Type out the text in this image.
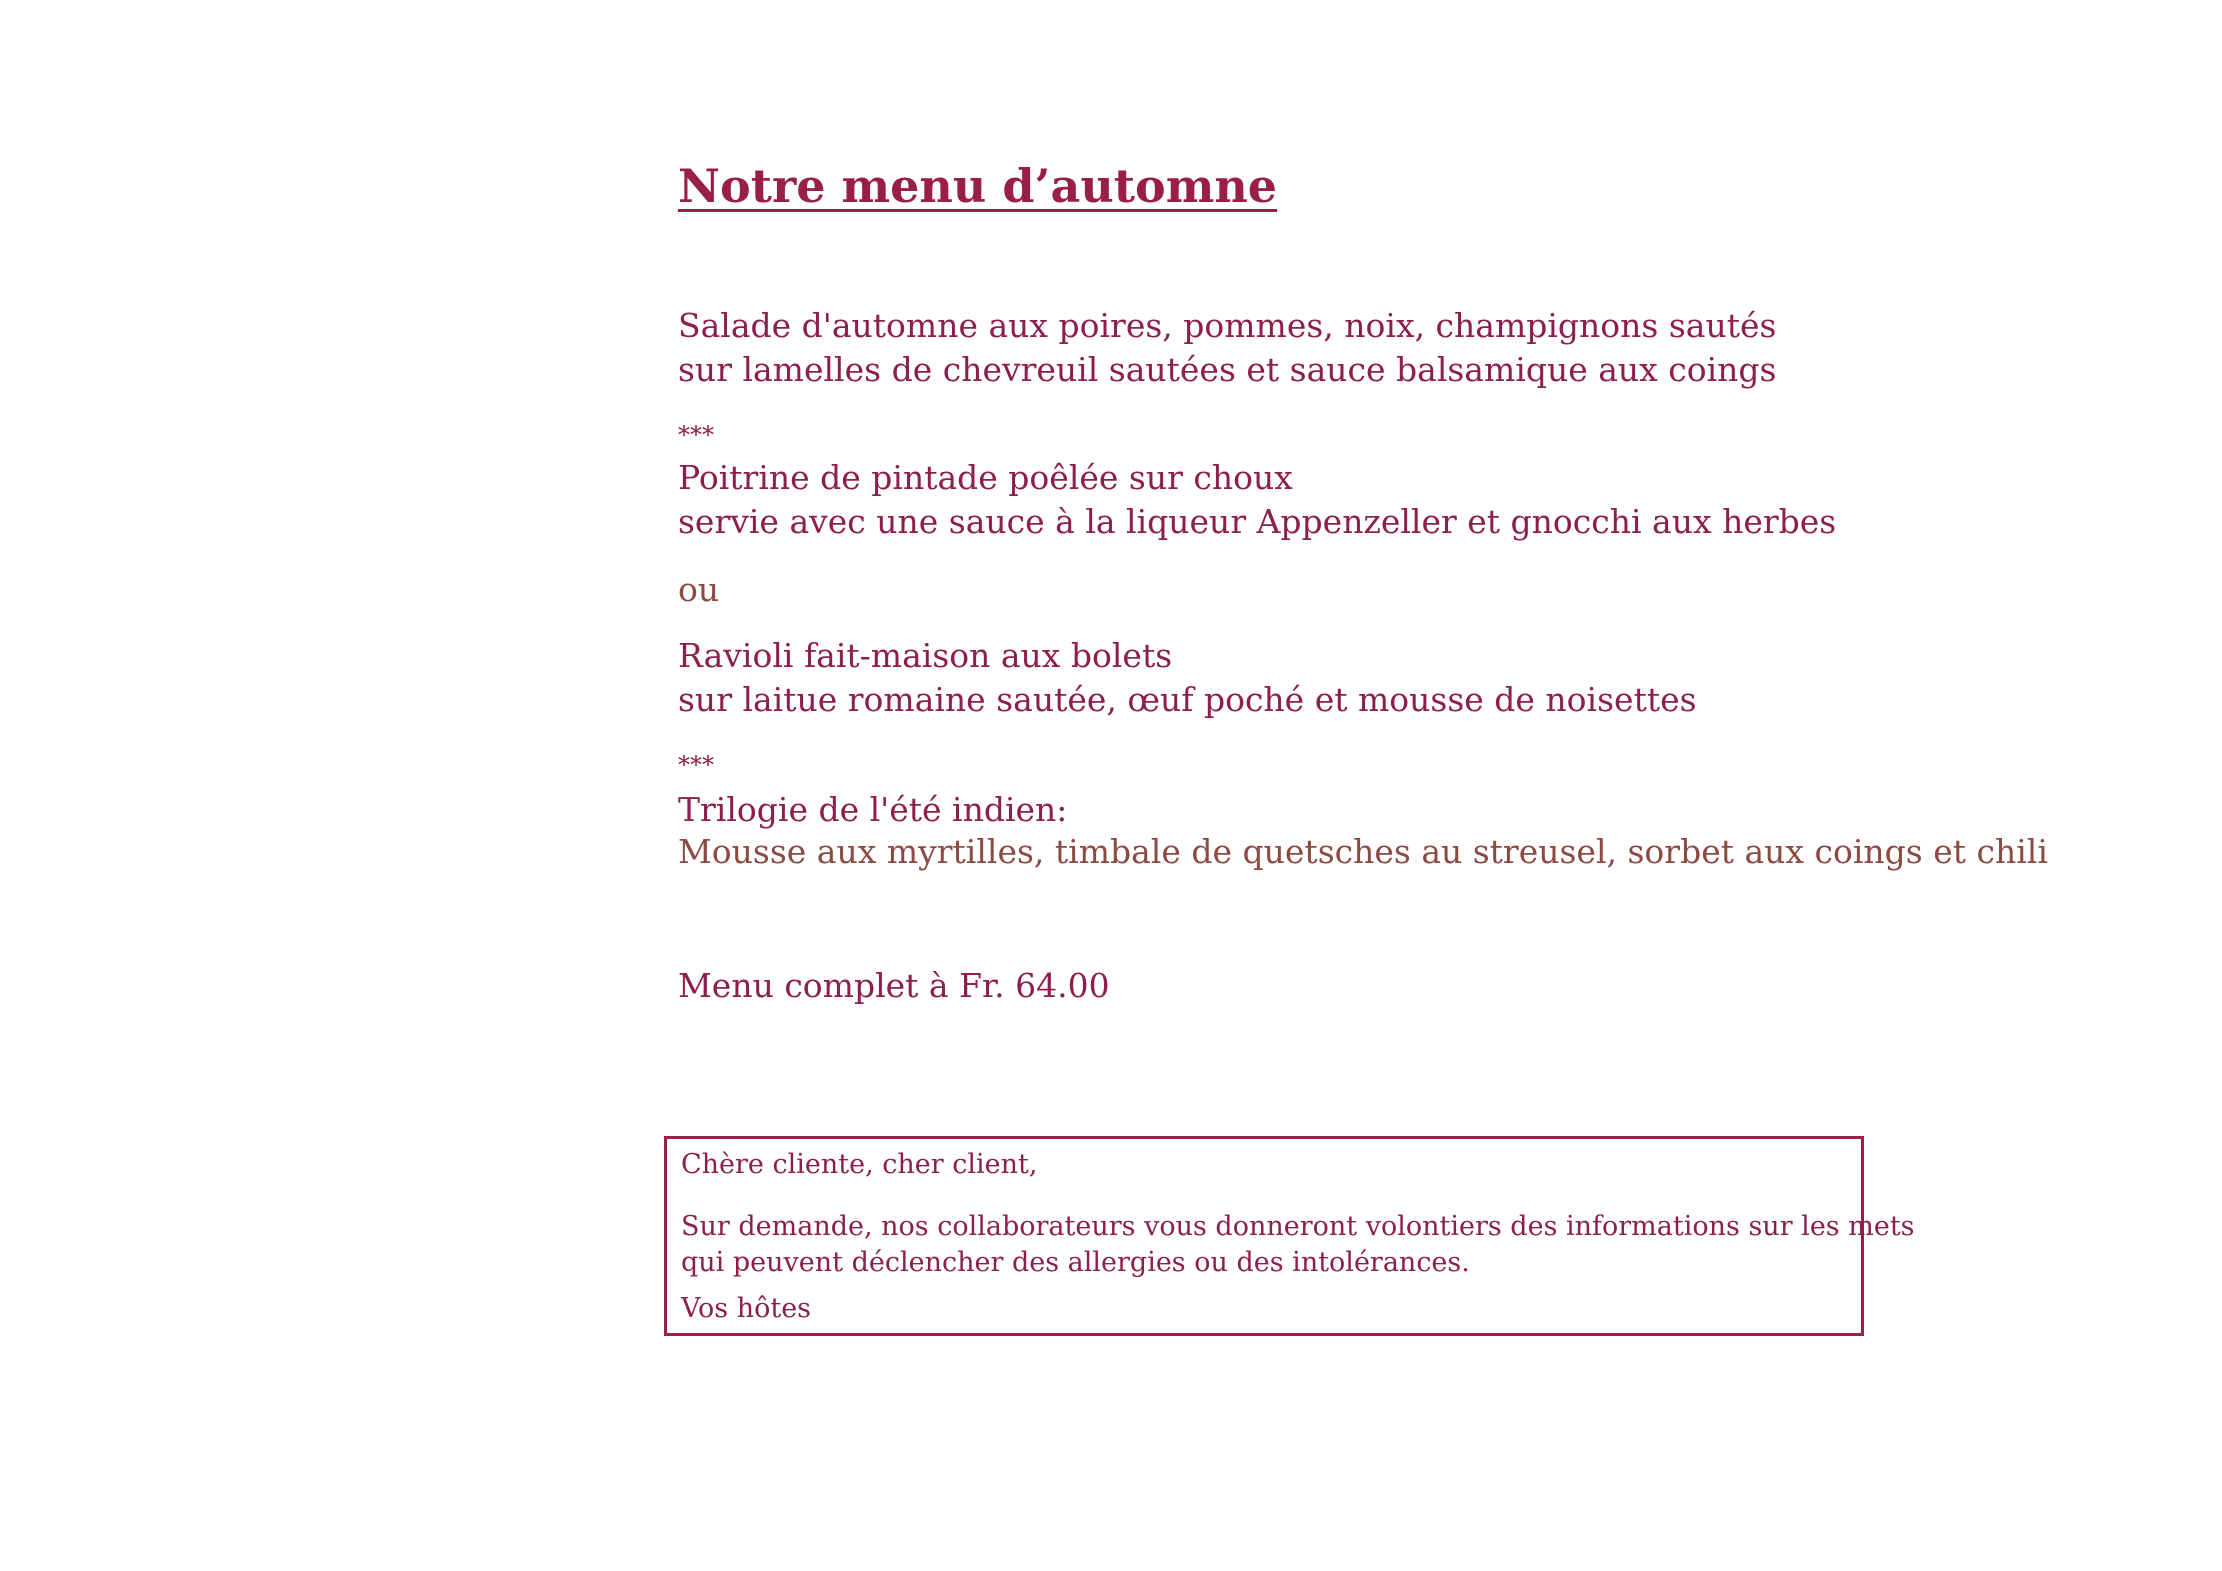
Notre menu d’automne

Salade d'automne aux poires, pommes, noix, champignons sautés

sur lamelles de chevreuil sautées et sauce balsamique aux coings

***

Poitrine de pintade poêlée sur choux

servie avec une sauce à la liqueur Appenzeller et gnocchi aux herbes

ou

Ravioli fait-maison aux bolets

sur laitue romaine sautée, œuf poché et mousse de noisettes

***

Trilogie de l'été indien:

Mousse aux myrtilles, timbale de quetsches au streusel, sorbet aux coings et chili

Menu complet à Fr. 64.00

Chère cliente, cher client,

Sur demande, nos collaborateurs vous donneront volontiers des informations sur les mets

qui peuvent déclencher des allergies ou des intolérances.

Vos hôtes
